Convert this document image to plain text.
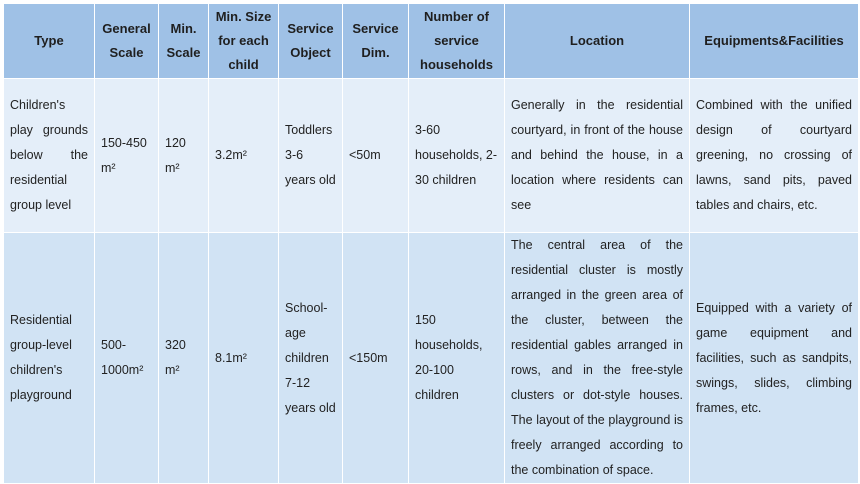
Type	General Scale	Min. Scale	Min. Size for each child	Service Object	Service Dim.	Number of service households	Location	Equipments&Facilities
Children's play grounds below the residential group level	150-450 m²	120 m²	3.2m²	Toddlers 3-6 years old	<50m	3-60 households, 2-30 children	Generally in the residential courtyard, in front of the house and behind the house, in a location where residents can see	Combined with the unified design of courtyard greening, no crossing of lawns, sand pits, paved tables and chairs, etc.
Residential group-level children's playground	500-1000m²	320 m²	8.1m²	School-age children 7-12 years old	<150m	150 households, 20-100 children	The central area of the residential cluster is mostly arranged in the green area of the cluster, between the residential gables arranged in rows, and in the free-style clusters or dot-style houses. The layout of the playground is freely arranged according to the combination of space.	Equipped with a variety of game equipment and facilities, such as sandpits, swings, slides, climbing frames, etc.
